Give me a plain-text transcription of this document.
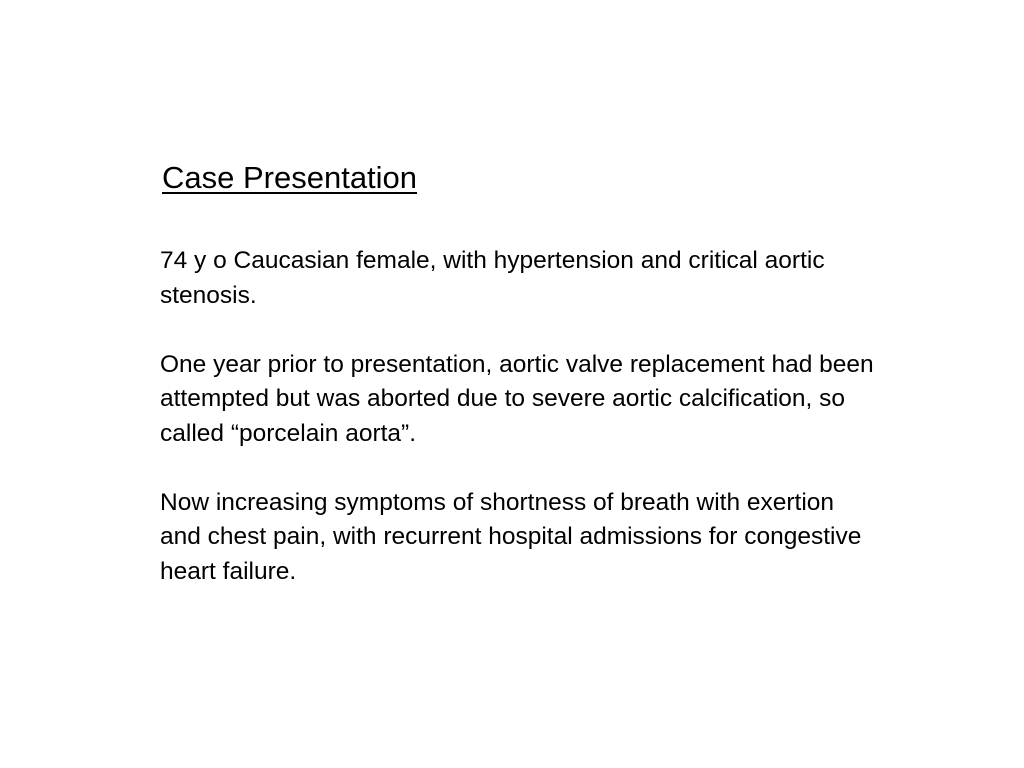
Case Presentation

74 y o Caucasian female, with hypertension and critical aortic stenosis.

One year prior to presentation, aortic valve replacement had been attempted but was aborted due to severe aortic calcification, so called “porcelain aorta”.

Now increasing symptoms of shortness of breath with exertion and chest pain, with recurrent hospital admissions for congestive heart failure.
